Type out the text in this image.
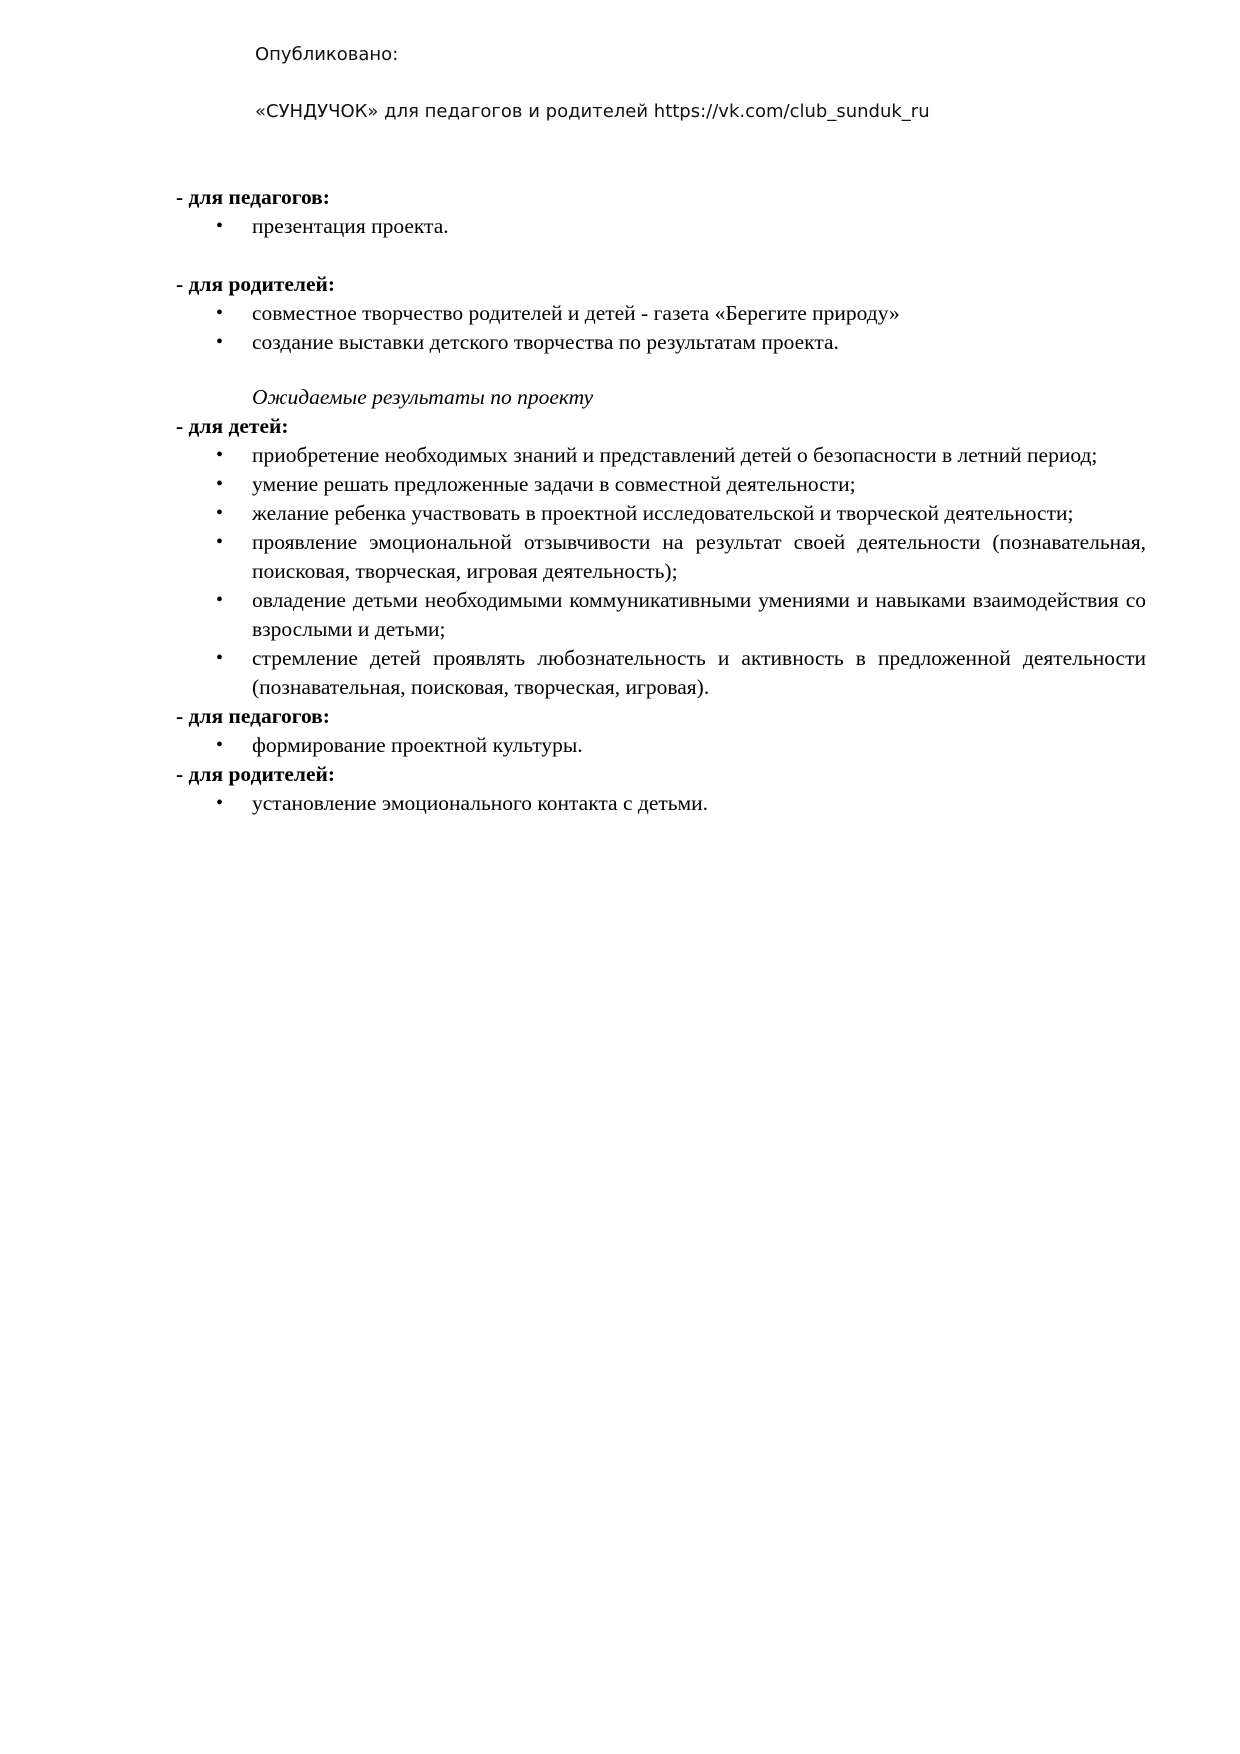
Опубликовано:
«СУНДУЧОК» для педагогов и родителей https://vk.com/club_sunduk_ru

- для педагогов:

• презентация проекта.

- для родителей:

• совместное творчество родителей и детей - газета «Берегите природу»
• создание выставки детского творчества по результатам проекта.

Ожидаемые результаты по проекту

- для детей:

• приобретение необходимых знаний и представлений детей о безопасности в летний период;
• умение решать предложенные задачи в совместной деятельности;
• желание ребенка участвовать в проектной исследовательской и творческой деятельности;
• проявление эмоциональной отзывчивости на результат своей деятельности (познавательная, поисковая, творческая, игровая деятельность);
• овладение детьми необходимыми коммуникативными умениями и навыками взаимодействия со взрослыми и детьми;
• стремление детей проявлять любознательность и активность в предложенной деятельности (познавательная, поисковая, творческая, игровая).

- для педагогов:

• формирование проектной культуры.

- для родителей:

• установление эмоционального контакта с детьми.
